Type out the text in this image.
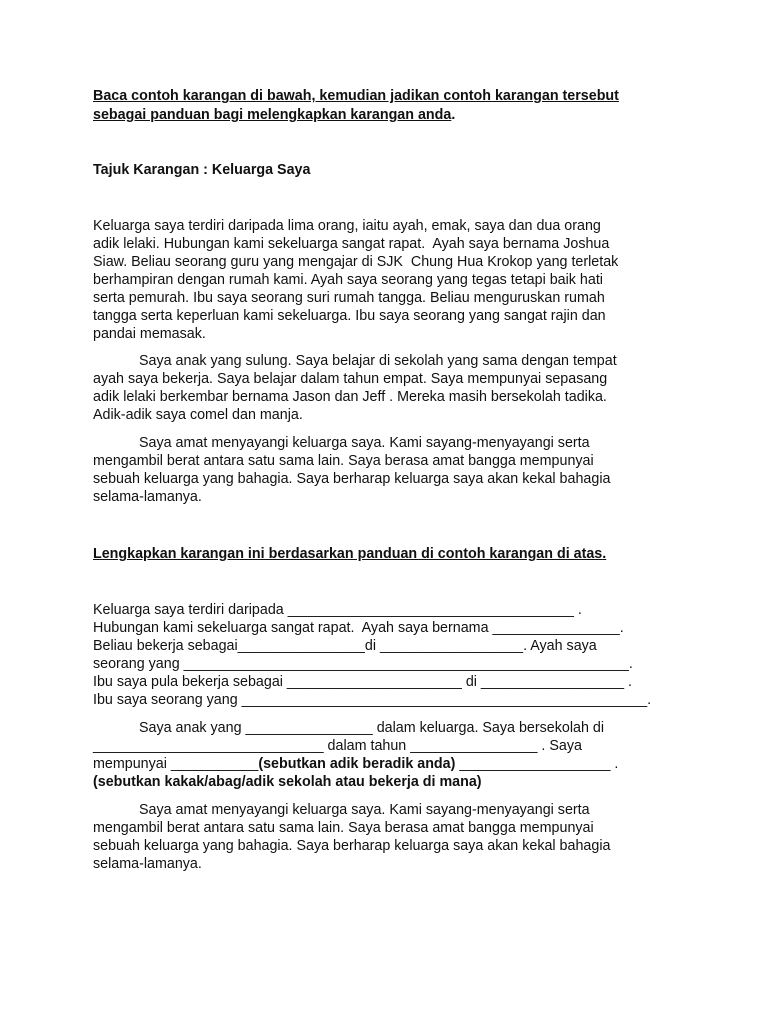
Baca contoh karangan di bawah, kemudian jadikan contoh karangan tersebut
sebagai panduan bagi melengkapkan karangan anda.
Tajuk Karangan : Keluarga Saya
Keluarga saya terdiri daripada lima orang, iaitu ayah, emak, saya dan dua orang
adik lelaki. Hubungan kami sekeluarga sangat rapat.  Ayah saya bernama Joshua
Siaw. Beliau seorang guru yang mengajar di SJK  Chung Hua Krokop yang terletak
berhampiran dengan rumah kami. Ayah saya seorang yang tegas tetapi baik hati
serta pemurah. Ibu saya seorang suri rumah tangga. Beliau menguruskan rumah
tangga serta keperluan kami sekeluarga. Ibu saya seorang yang sangat rajin dan
pandai memasak.
Saya anak yang sulung. Saya belajar di sekolah yang sama dengan tempat
ayah saya bekerja. Saya belajar dalam tahun empat. Saya mempunyai sepasang
adik lelaki berkembar bernama Jason dan Jeff . Mereka masih bersekolah tadika.
Adik-adik saya comel dan manja.
Saya amat menyayangi keluarga saya. Kami sayang-menyayangi serta
mengambil berat antara satu sama lain. Saya berasa amat bangga mempunyai
sebuah keluarga yang bahagia. Saya berharap keluarga saya akan kekal bahagia
selama-lamanya.
Lengkapkan karangan ini berdasarkan panduan di contoh karangan di atas.
Keluarga saya terdiri daripada ____________________________________ .
Hubungan kami sekeluarga sangat rapat.  Ayah saya bernama ________________.
Beliau bekerja sebagai________________di __________________. Ayah saya
seorang yang ________________________________________________________.
Ibu saya pula bekerja sebagai ______________________ di __________________ .
Ibu saya seorang yang ___________________________________________________.
Saya anak yang ________________ dalam keluarga. Saya bersekolah di
_____________________________ dalam tahun ________________ . Saya
mempunyai ___________(sebutkan adik beradik anda) ___________________ .
(sebutkan kakak/abag/adik sekolah atau bekerja di mana)
Saya amat menyayangi keluarga saya. Kami sayang-menyayangi serta
mengambil berat antara satu sama lain. Saya berasa amat bangga mempunyai
sebuah keluarga yang bahagia. Saya berharap keluarga saya akan kekal bahagia
selama-lamanya.
